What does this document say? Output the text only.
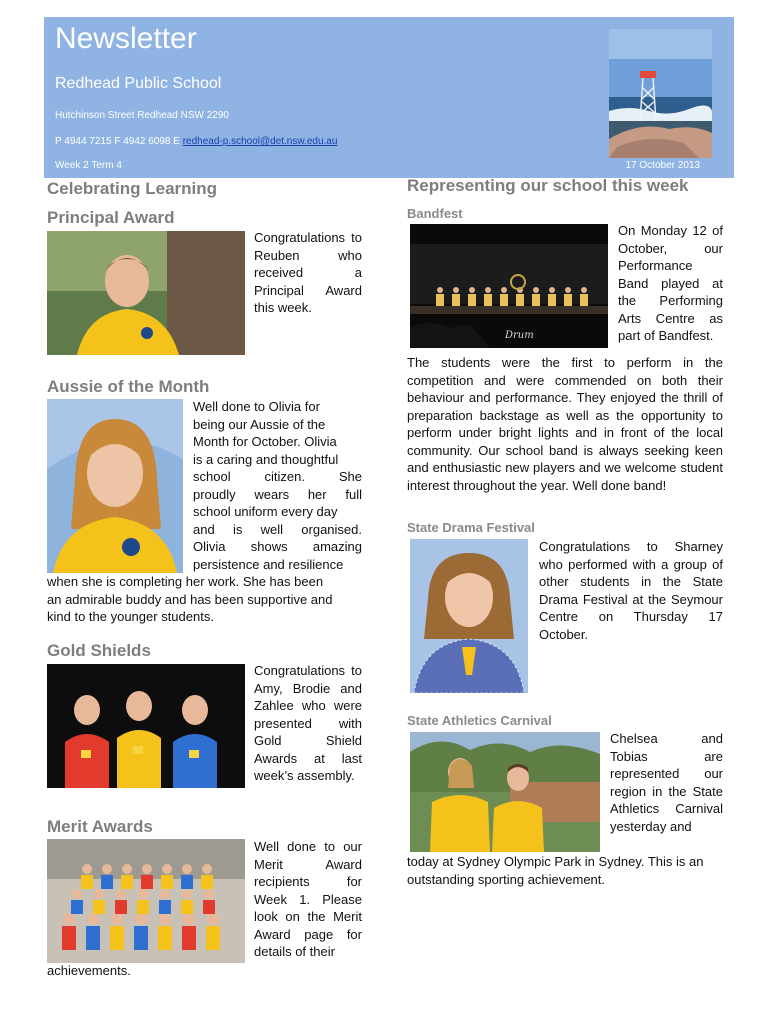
Newsletter
Redhead Public School
Hutchinson Street Redhead NSW 2290
P 4944 7215 F 4942 6098 E redhead-p.school@det.nsw.edu.au
Week 2 Term 4	17 October 2013
Celebrating Learning
Principal Award

Congratulations to Reuben who received a Principal Award this week.

Aussie of the Month
Well done to Olivia for
being our Aussie of the
Month for October. Olivia
is a caring and thoughtful
school citizen. She
proudly wears her full
school uniform every day
and is well organised.
Olivia shows amazing
persistence and resilience
when she is completing her work. She has been
an admirable buddy and has been supportive and
kind to the younger students.
Gold Shields

Congratulations to Amy, Brodie and Zahlee who were presented with Gold Shield Awards at last week’s assembly.

Merit Awards

Well done to our Merit Award recipients for Week 1. Please look on the Merit Award page for details of their

achievements.

Representing our school this week
Bandfest
Drum

On Monday 12 of October, our Performance Band played at the Performing Arts Centre as part of Bandfest.

The students were the first to perform in the competition and were commended on both their behaviour and performance. They enjoyed the thrill of preparation backstage as well as the opportunity to perform under bright lights and in front of the local community. Our school band is always seeking keen and enthusiastic new players and we welcome student interest throughout the year. Well done band!

State Drama Festival

Congratulations to Sharney who performed with a group of other students in the State Drama Festival at the Seymour Centre on Thursday 17 October.

State Athletics Carnival

Chelsea and Tobias are represented our region in the State Athletics Carnival yesterday and

today at Sydney Olympic Park in Sydney. This is an outstanding sporting achievement.
